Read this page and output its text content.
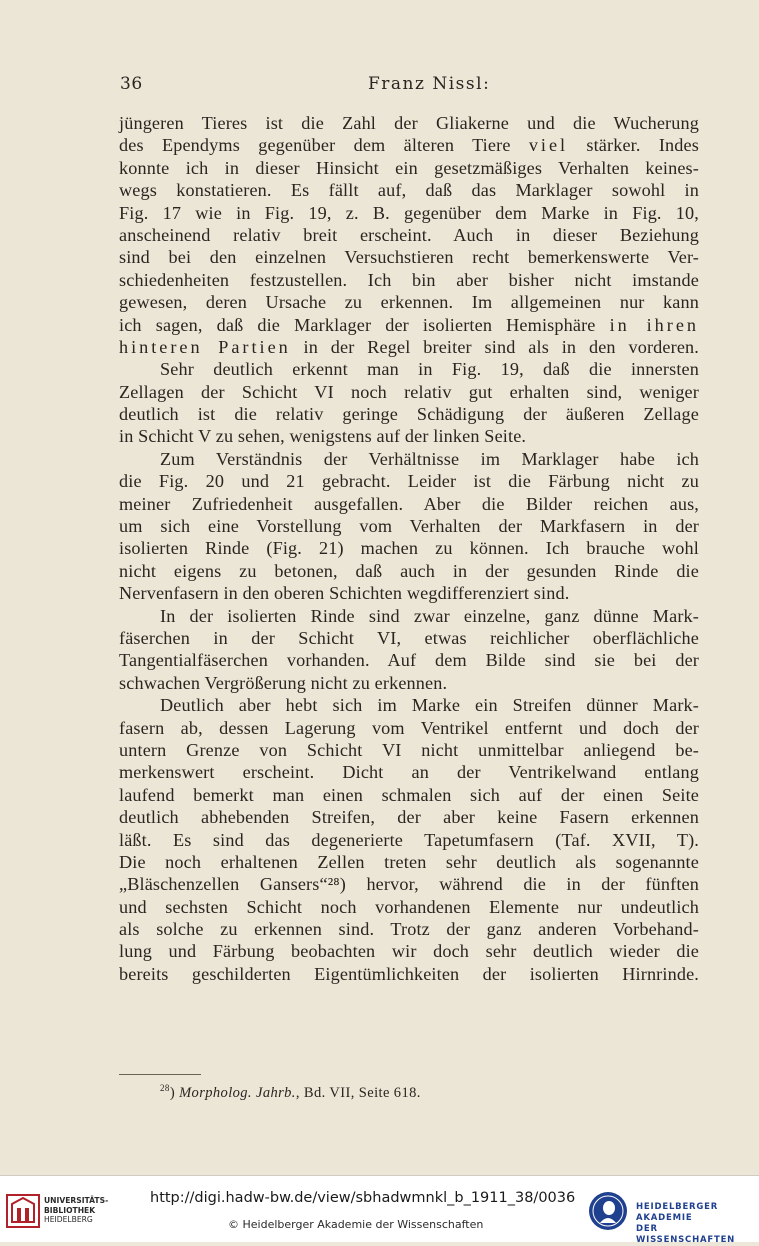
36	Franz Nissl:
jüngeren Tieres ist die Zahl der Gliakerne und die Wucherung
des Ependyms gegenüber dem älteren Tiere viel stärker. Indes
konnte ich in dieser Hinsicht ein gesetzmäßiges Verhalten keines-
wegs konstatieren. Es fällt auf, daß das Marklager sowohl in
Fig. 17 wie in Fig. 19, z. B. gegenüber dem Marke in Fig. 10,
anscheinend relativ breit erscheint. Auch in dieser Beziehung
sind bei den einzelnen Versuchstieren recht bemerkenswerte Ver-
schiedenheiten festzustellen. Ich bin aber bisher nicht imstande
gewesen, deren Ursache zu erkennen. Im allgemeinen nur kann
ich sagen, daß die Marklager der isolierten Hemisphäre in ihren
hinteren Partien in der Regel breiter sind als in den vorderen.
Sehr deutlich erkennt man in Fig. 19, daß die innersten
Zellagen der Schicht VI noch relativ gut erhalten sind, weniger
deutlich ist die relativ geringe Schädigung der äußeren Zellage
in Schicht V zu sehen, wenigstens auf der linken Seite.
Zum Verständnis der Verhältnisse im Marklager habe ich
die Fig. 20 und 21 gebracht. Leider ist die Färbung nicht zu
meiner Zufriedenheit ausgefallen. Aber die Bilder reichen aus,
um sich eine Vorstellung vom Verhalten der Markfasern in der
isolierten Rinde (Fig. 21) machen zu können. Ich brauche wohl
nicht eigens zu betonen, daß auch in der gesunden Rinde die
Nervenfasern in den oberen Schichten wegdifferenziert sind.
In der isolierten Rinde sind zwar einzelne, ganz dünne Mark-
fäserchen in der Schicht VI, etwas reichlicher oberflächliche
Tangentialfäserchen vorhanden. Auf dem Bilde sind sie bei der
schwachen Vergrößerung nicht zu erkennen.
Deutlich aber hebt sich im Marke ein Streifen dünner Mark-
fasern ab, dessen Lagerung vom Ventrikel entfernt und doch der
untern Grenze von Schicht VI nicht unmittelbar anliegend be-
merkenswert erscheint. Dicht an der Ventrikelwand entlang
laufend bemerkt man einen schmalen sich auf der einen Seite
deutlich abhebenden Streifen, der aber keine Fasern erkennen
läßt. Es sind das degenerierte Tapetumfasern (Taf. XVII, T).
Die noch erhaltenen Zellen treten sehr deutlich als sogenannte
„Bläschenzellen Gansers“²⁸) hervor, während die in der fünften
und sechsten Schicht noch vorhandenen Elemente nur undeutlich
als solche zu erkennen sind. Trotz der ganz anderen Vorbehand-
lung und Färbung beobachten wir doch sehr deutlich wieder die
bereits geschilderten Eigentümlichkeiten der isolierten Hirnrinde.
$^{28}$) Morpholog. Jahrb., Bd. VII, Seite 618.
UNIVERSITÄTS-
BIBLIOTHEK
HEIDELBERG
http://digi.hadw-bw.de/view/sbhadwmnkl_b_1911_38/0036
© Heidelberger Akademie der Wissenschaften
HEIDELBERGER AKADEMIE
DER WISSENSCHAFTEN
